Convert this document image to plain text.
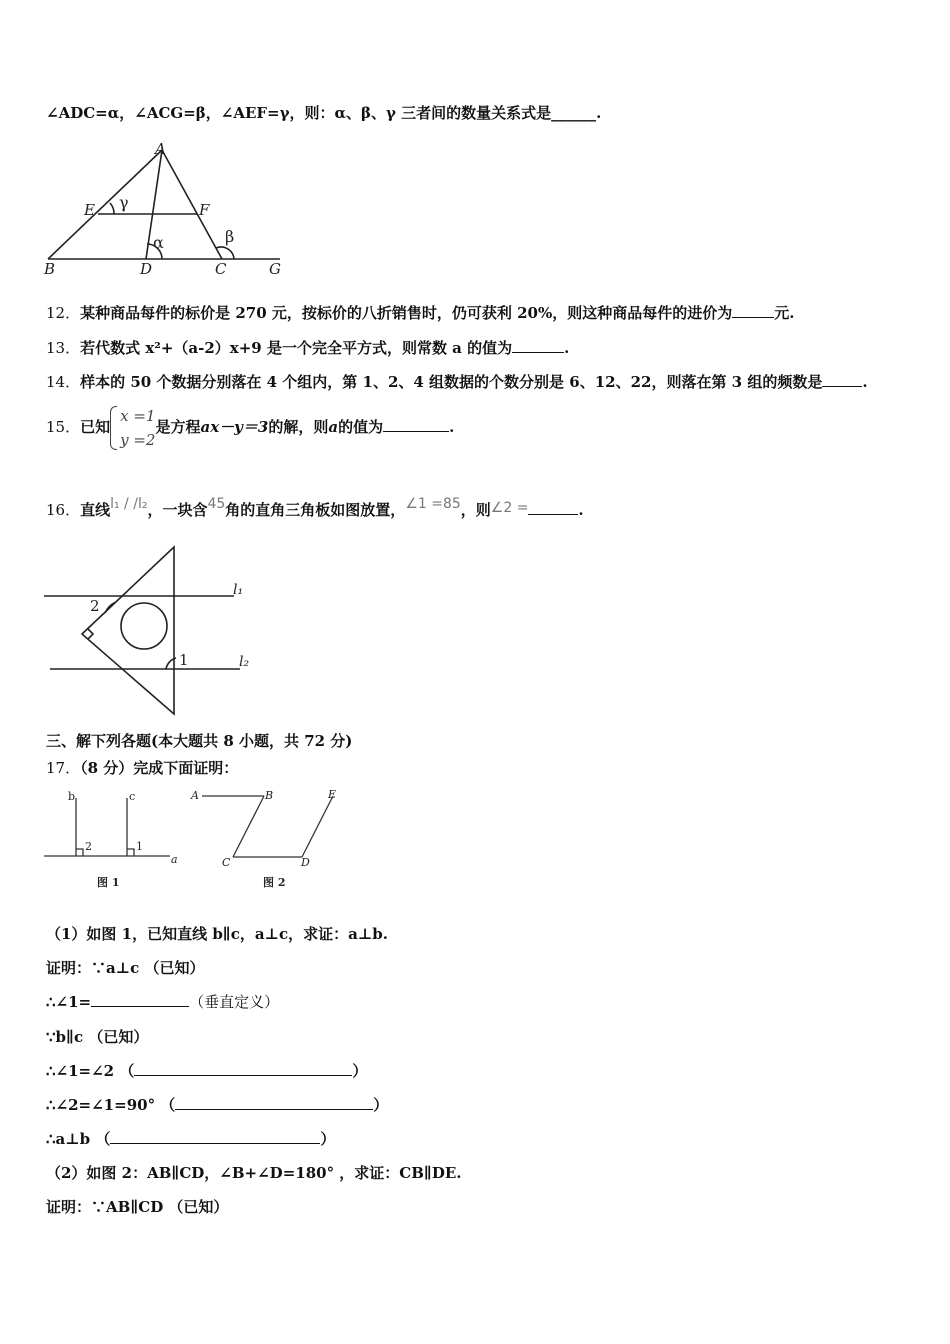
∠ADC=α，∠ACG=β，∠AEF=γ，则：α、β、γ 三者间的数量关系式是______.
A
E	F
B	D	C	G
γ
α	β
12．某种商品每件的标价是 270 元，按标价的八折销售时，仍可获利 20%，则这种商品每件的进价为	元.
13．若代数式 x²+（a-2）x+9 是一个完全平方式，则常数 a 的值为	.
14．样本的 50 个数据分别落在 4 个组内，第 1、2、4 组数据的个数分别是 6、12、22，则落在第 3 组的频数是	.
15．已知
x =1
y =2
是方程ax－y＝3的解，则a的值为	.
16．直线l₁ / /l₂，一块含45角的直角三角板如图放置，∠1 =85，则∠2 =	.
2
1
l₁
l₂
三、解下列各题(本大题共 8 小题，共 72 分)
17．（8 分）完成下面证明：
b	c
a
2	1
图 1
A	B	E
C	D
图 2
（1）如图 1，已知直线 b∥c，a⊥c，求证：a⊥b.
证明：∵a⊥c （已知）
∴∠1=	（垂直定义）
∵b∥c （已知）
∴∠1=∠2 （	）
∴∠2=∠1=90° （	）
∴a⊥b （	）
（2）如图 2：AB∥CD，∠B+∠D=180° ，求证：CB∥DE.
证明：∵AB∥CD （已知）
